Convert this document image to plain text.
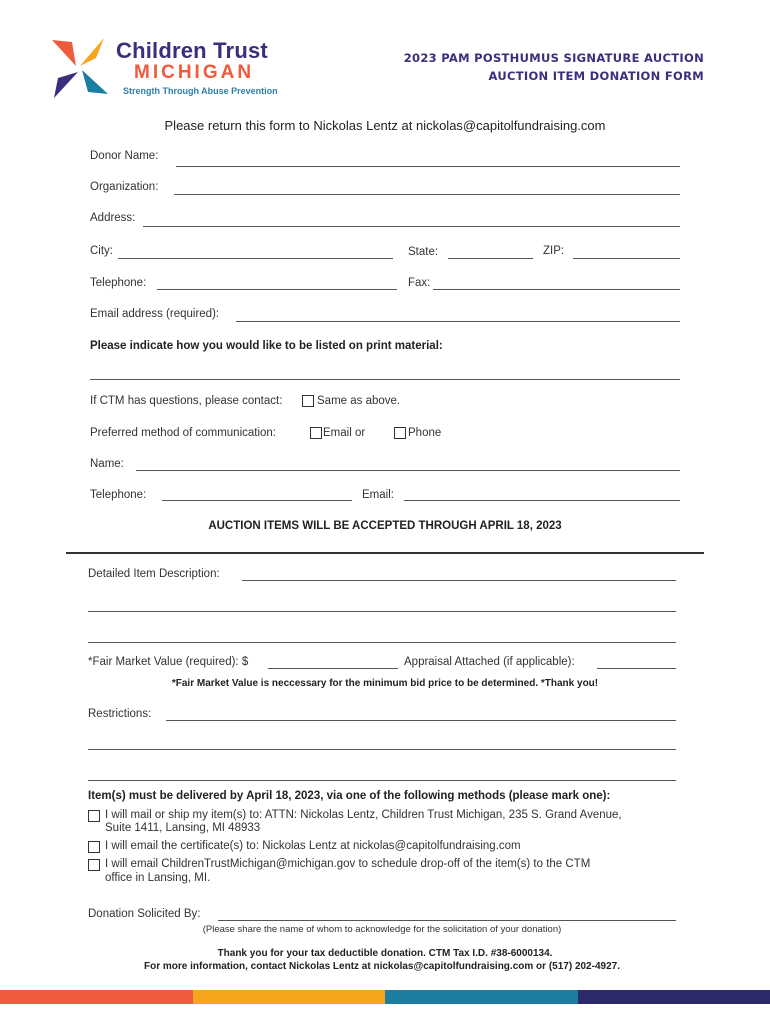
Children Trust
MICHIGAN
Strength Through Abuse Prevention
2023 PAM POSTHUMUS SIGNATURE AUCTION
AUCTION ITEM DONATION FORM
Please return this form to Nickolas Lentz at nickolas@capitolfundraising.com
Donor Name:
Organization:
Address:
City:	State:	ZIP:
Telephone:	Fax:
Email address (required):
Please indicate how you would like to be listed on print material:
If CTM has questions, please contact:	Same as above.
Preferred method of communication:	Email or	Phone
Name:
Telephone:	Email:
AUCTION ITEMS WILL BE ACCEPTED THROUGH APRIL 18, 2023
Detailed Item Description:
*Fair Market Value (required): $	Appraisal Attached (if applicable):
*Fair Market Value is neccessary for the minimum bid price to be determined. *Thank you!
Restrictions:
Item(s) must be delivered by April 18, 2023, via one of the following methods (please mark one):
I will mail or ship my item(s) to: ATTN: Nickolas Lentz, Children Trust Michigan, 235 S. Grand Avenue,
Suite 1411, Lansing, MI 48933
I will email the certificate(s) to: Nickolas Lentz at nickolas@capitolfundraising.com
I will email ChildrenTrustMichigan@michigan.gov to schedule drop-off of the item(s) to the CTM
office in Lansing, MI.
Donation Solicited By:
(Please share the name of whom to acknowledge for the solicitation of your donation)
Thank you for your tax deductible donation. CTM Tax I.D. #38-6000134.
For more information, contact Nickolas Lentz at nickolas@capitolfundraising.com or (517) 202-4927.
